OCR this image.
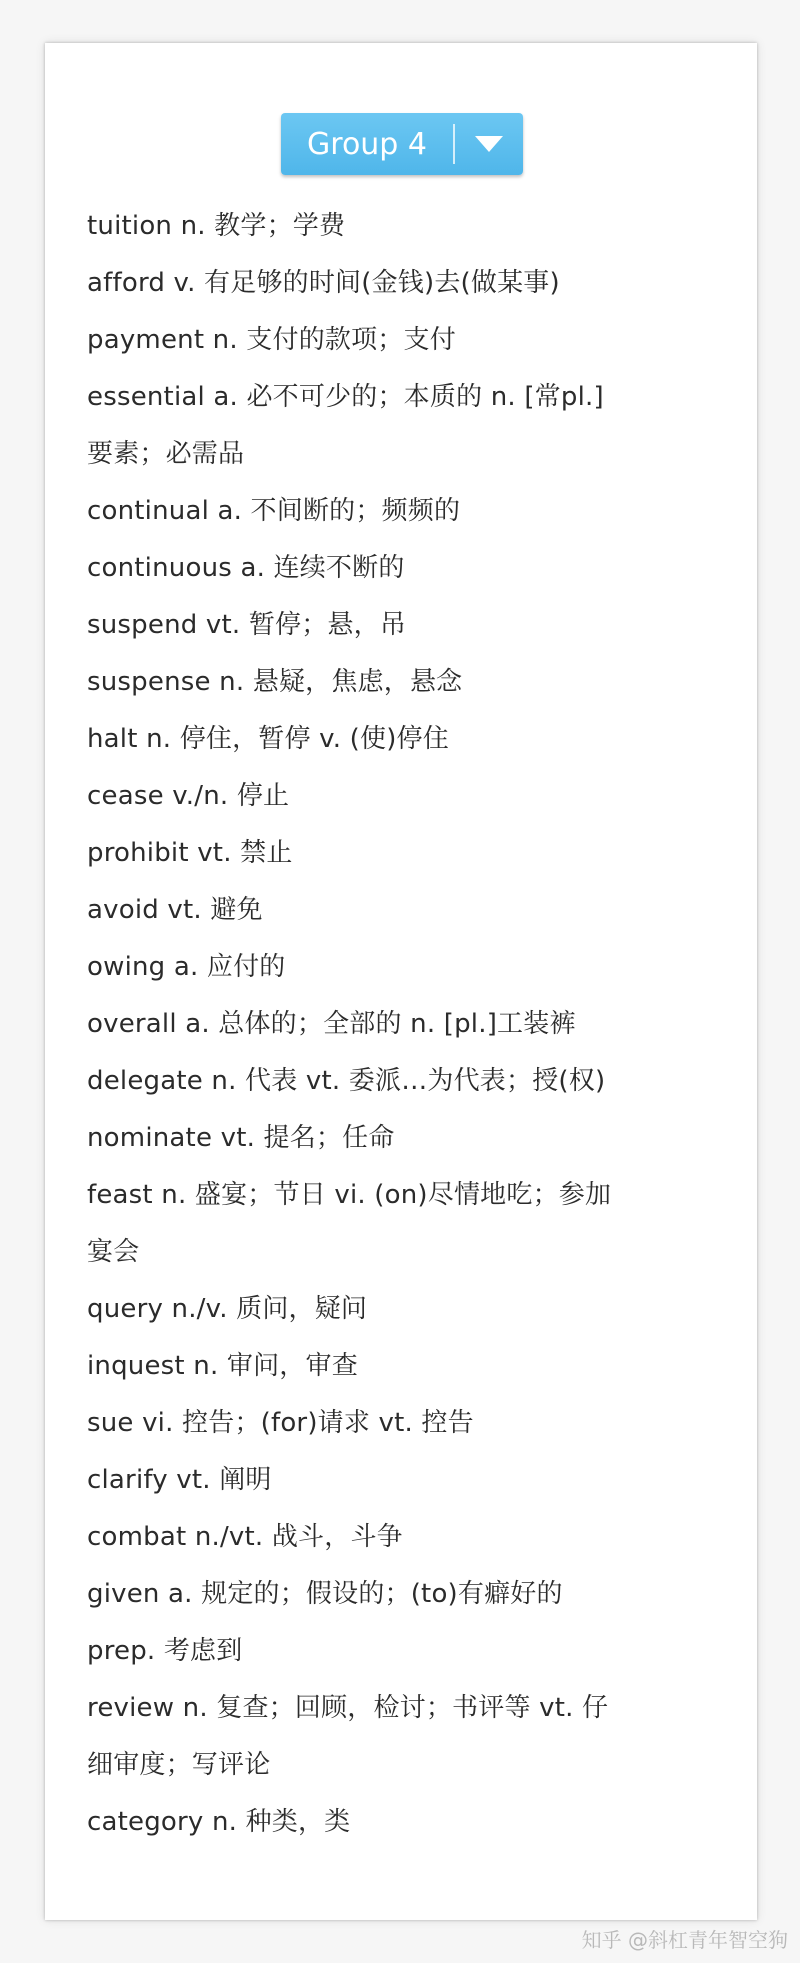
Group 4
tuition n. 教学；学费
afford v. 有足够的时间(金钱)去(做某事)
payment n. 支付的款项；支付
essential a. 必不可少的；本质的 n. [常pl.]
要素；必需品
continual a. 不间断的；频频的
continuous a. 连续不断的
suspend vt. 暂停；悬，吊
suspense n. 悬疑，焦虑，悬念
halt n. 停住，暂停 v. (使)停住
cease v./n. 停止
prohibit vt. 禁止
avoid vt. 避免
owing a. 应付的
overall a. 总体的；全部的 n. [pl.]工装裤
delegate n. 代表 vt. 委派…为代表；授(权)
nominate vt. 提名；任命
feast n. 盛宴；节日 vi. (on)尽情地吃；参加
宴会
query n./v. 质问，疑问
inquest n. 审问，审查
sue vi. 控告；(for)请求 vt. 控告
clarify vt. 阐明
combat n./vt. 战斗，斗争
given a. 规定的；假设的；(to)有癖好的
prep. 考虑到
review n. 复查；回顾，检讨；书评等 vt. 仔
细审度；写评论
category n. 种类，类
知乎 @斜杠青年智空狗
